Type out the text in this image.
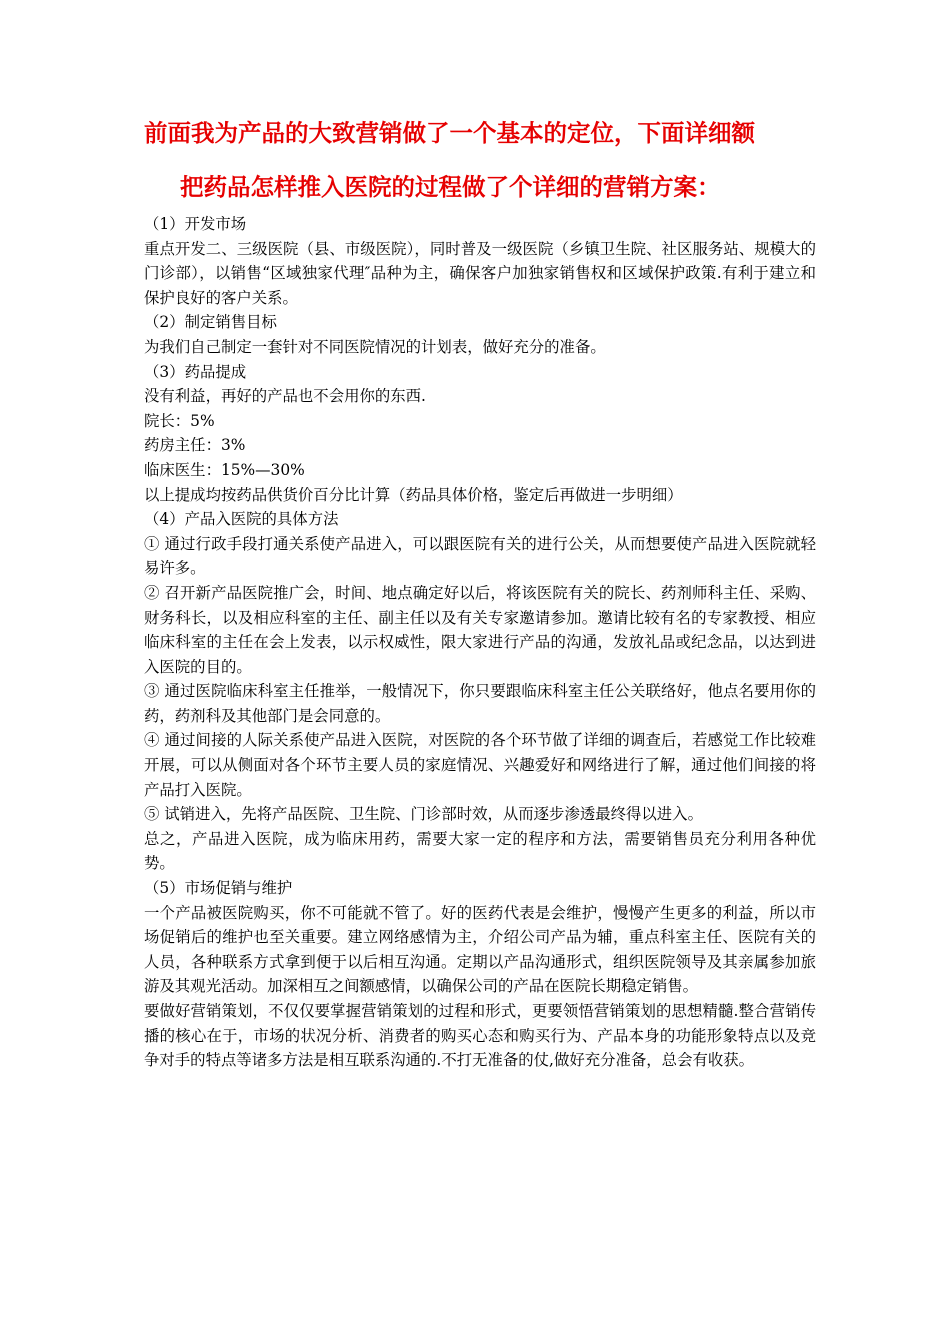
前面我为产品的大致营销做了一个基本的定位，下面详细额
把药品怎样推入医院的过程做了个详细的营销方案：

（1）开发市场

重点开发二、三级医院（县、市级医院），同时普及一级医院（乡镇卫生院、社区服务站、规模大的门诊部），以销售“区域独家代理″品种为主，确保客户加独家销售权和区域保护政策.有利于建立和保护良好的客户关系。

（2）制定销售目标

为我们自己制定一套针对不同医院情况的计划表，做好充分的准备。

（3）药品提成

没有利益，再好的产品也不会用你的东西.

院长：5%

药房主任：3%

临床医生：15%—30%

以上提成均按药品供货价百分比计算（药品具体价格，鉴定后再做进一步明细）

（4）产品入医院的具体方法

① 通过行政手段打通关系使产品进入，可以跟医院有关的进行公关，从而想要使产品进入医院就轻易许多。

② 召开新产品医院推广会，时间、地点确定好以后，将该医院有关的院长、药剂师科主任、采购、财务科长，以及相应科室的主任、副主任以及有关专家邀请参加。邀请比较有名的专家教授、相应临床科室的主任在会上发表，以示权威性，限大家进行产品的沟通，发放礼品或纪念品，以达到进入医院的目的。

③ 通过医院临床科室主任推举，一般情况下，你只要跟临床科室主任公关联络好，他点名要用你的药，药剂科及其他部门是会同意的。

④ 通过间接的人际关系使产品进入医院，对医院的各个环节做了详细的调查后，若感觉工作比较难开展，可以从侧面对各个环节主要人员的家庭情况、兴趣爱好和网络进行了解，通过他们间接的将产品打入医院。

⑤ 试销进入，先将产品医院、卫生院、门诊部时效，从而逐步渗透最终得以进入。

总之，产品进入医院，成为临床用药，需要大家一定的程序和方法，需要销售员充分利用各种优势。

（5）市场促销与维护

一个产品被医院购买，你不可能就不管了。好的医药代表是会维护，慢慢产生更多的利益，所以市场促销后的维护也至关重要。建立网络感情为主，介绍公司产品为辅，重点科室主任、医院有关的人员，各种联系方式拿到便于以后相互沟通。定期以产品沟通形式，组织医院领导及其亲属参加旅游及其观光活动。加深相互之间额感情，以确保公司的产品在医院长期稳定销售。

要做好营销策划，不仅仅要掌握营销策划的过程和形式，更要领悟营销策划的思想精髓.整合营销传播的核心在于，市场的状况分析、消费者的购买心态和购买行为、产品本身的功能形象特点以及竞争对手的特点等诸多方法是相互联系沟通的.不打无准备的仗,做好充分准备，总会有收获。
